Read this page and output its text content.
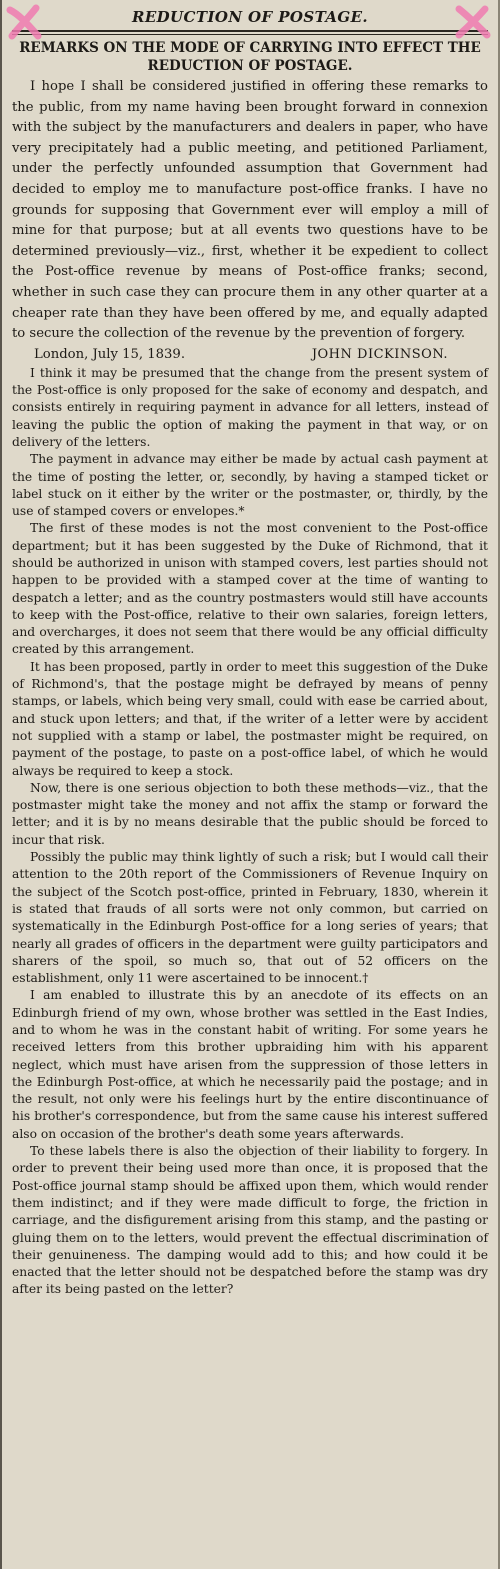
REDUCTION OF POSTAGE.
REMARKS ON THE MODE OF CARRYING INTO EFFECT THE REDUCTION OF POSTAGE.

I hope I shall be considered justified in offering these remarks to the public, from my name having been brought forward in connexion with the subject by the manufacturers and dealers in paper, who have very precipitately had a public meeting, and petitioned Parliament, under the perfectly unfounded assumption that Government had decided to employ me to manufacture post-office franks. I have no grounds for supposing that Government ever will employ a mill of mine for that purpose; but at all events two questions have to be determined previously—viz., first, whether it be expedient to collect the Post-office revenue by means of Post-office franks; second, whether in such case they can procure them in any other quarter at a cheaper rate than they have been offered by me, and equally adapted to secure the collection of the revenue by the prevention of forgery.

London, July 15, 1839.	JOHN DICKINSON.

I think it may be presumed that the change from the present system of the Post-office is only proposed for the sake of economy and despatch, and consists entirely in requiring payment in advance for all letters, instead of leaving the public the option of making the payment in that way, or on delivery of the letters.

The payment in advance may either be made by actual cash payment at the time of posting the letter, or, secondly, by having a stamped ticket or label stuck on it either by the writer or the postmaster, or, thirdly, by the use of stamped covers or envelopes.*

The first of these modes is not the most convenient to the Post-office department; but it has been suggested by the Duke of Richmond, that it should be authorized in unison with stamped covers, lest parties should not happen to be provided with a stamped cover at the time of wanting to despatch a letter; and as the country postmasters would still have accounts to keep with the Post-office, relative to their own salaries, foreign letters, and overcharges, it does not seem that there would be any official difficulty created by this arrangement.

It has been proposed, partly in order to meet this suggestion of the Duke of Richmond's, that the postage might be defrayed by means of penny stamps, or labels, which being very small, could with ease be carried about, and stuck upon letters; and that, if the writer of a letter were by accident not supplied with a stamp or label, the postmaster might be required, on payment of the postage, to paste on a post-office label, of which he would always be required to keep a stock.

Now, there is one serious objection to both these methods—viz., that the postmaster might take the money and not affix the stamp or forward the letter; and it is by no means desirable that the public should be forced to incur that risk.

Possibly the public may think lightly of such a risk; but I would call their attention to the 20th report of the Commissioners of Revenue Inquiry on the subject of the Scotch post-office, printed in February, 1830, wherein it is stated that frauds of all sorts were not only common, but carried on systematically in the Edinburgh Post-office for a long series of years; that nearly all grades of officers in the department were guilty participators and sharers of the spoil, so much so, that out of 52 officers on the establishment, only 11 were ascertained to be innocent.†

I am enabled to illustrate this by an anecdote of its effects on an Edinburgh friend of my own, whose brother was settled in the East Indies, and to whom he was in the constant habit of writing. For some years he received letters from this brother upbraiding him with his apparent neglect, which must have arisen from the suppression of those letters in the Edinburgh Post-office, at which he necessarily paid the postage; and in the result, not only were his feelings hurt by the entire discontinuance of his brother's correspondence, but from the same cause his interest suffered also on occasion of the brother's death some years afterwards.

To these labels there is also the objection of their liability to forgery. In order to prevent their being used more than once, it is proposed that the Post-office journal stamp should be affixed upon them, which would render them indistinct; and if they were made difficult to forge, the friction in carriage, and the disfigurement arising from this stamp, and the pasting or gluing them on to the letters, would prevent the effectual discrimination of their genuineness. The damping would add to this; and how could it be enacted that the letter should not be despatched before the stamp was dry after its being pasted on the letter?
